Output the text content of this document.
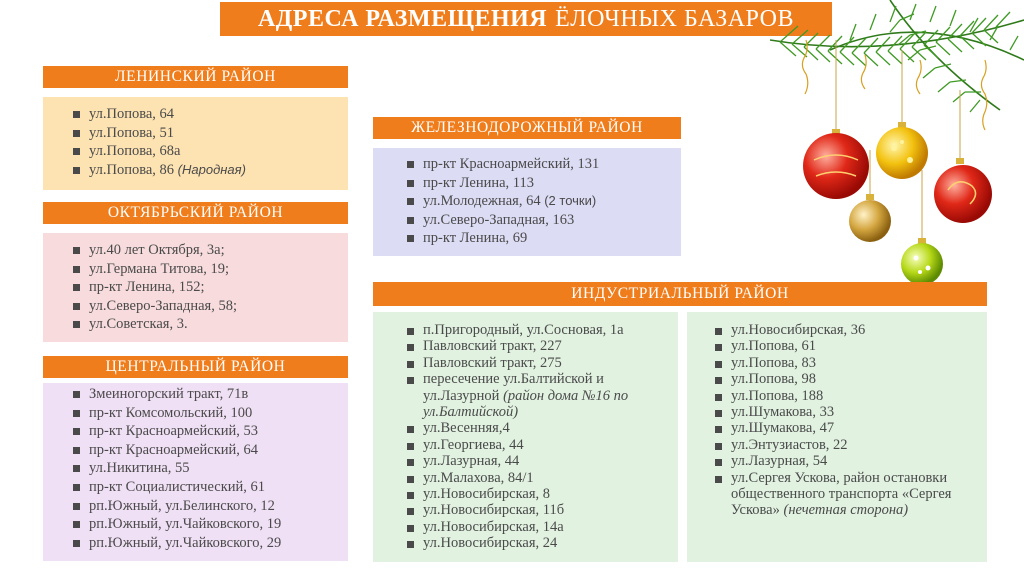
АДРЕСА РАЗМЕЩЕНИЯ ЁЛОЧНЫХ БАЗАРОВ
ЛЕНИНСКИЙ РАЙОН
ул.Попова, 64
ул.Попова, 51
ул.Попова, 68а
ул.Попова, 86 (Народная)
ОКТЯБРЬСКИЙ РАЙОН
ул.40 лет Октября, 3а;
ул.Германа Титова, 19;
пр-кт Ленина, 152;
ул.Северо-Западная, 58;
ул.Советская, 3.
ЦЕНТРАЛЬНЫЙ РАЙОН
Змеиногорский тракт, 71в
пр-кт Комсомольский, 100
пр-кт Красноармейский, 53
пр-кт Красноармейский, 64
ул.Никитина, 55
пр-кт Социалистический, 61
рп.Южный, ул.Белинского, 12
рп.Южный, ул.Чайковского, 19
рп.Южный, ул.Чайковского, 29
ЖЕЛЕЗНОДОРОЖНЫЙ РАЙОН
пр-кт Красноармейский, 131
пр-кт Ленина, 113
ул.Молодежная, 64 (2 точки)
ул.Северо-Западная, 163
пр-кт Ленина, 69
ИНДУСТРИАЛЬНЫЙ РАЙОН
п.Пригородный, ул.Сосновая, 1а
Павловский тракт, 227
Павловский тракт, 275
пересечение ул.Балтийской и ул.Лазурной (район дома №16 по ул.Балтийской)
ул.Весенняя,4
ул.Георгиева, 44
ул.Лазурная, 44
ул.Малахова, 84/1
ул.Новосибирская, 8
ул.Новосибирская, 11б
ул.Новосибирская, 14а
ул.Новосибирская, 24
ул.Новосибирская, 36
ул.Попова, 61
ул.Попова, 83
ул.Попова, 98
ул.Попова, 188
ул.Шумакова, 33
ул.Шумакова, 47
ул.Энтузиастов, 22
ул.Лазурная, 54
ул.Сергея Ускова, район остановки общественного транспорта «Сергея Ускова» (нечетная сторона)
